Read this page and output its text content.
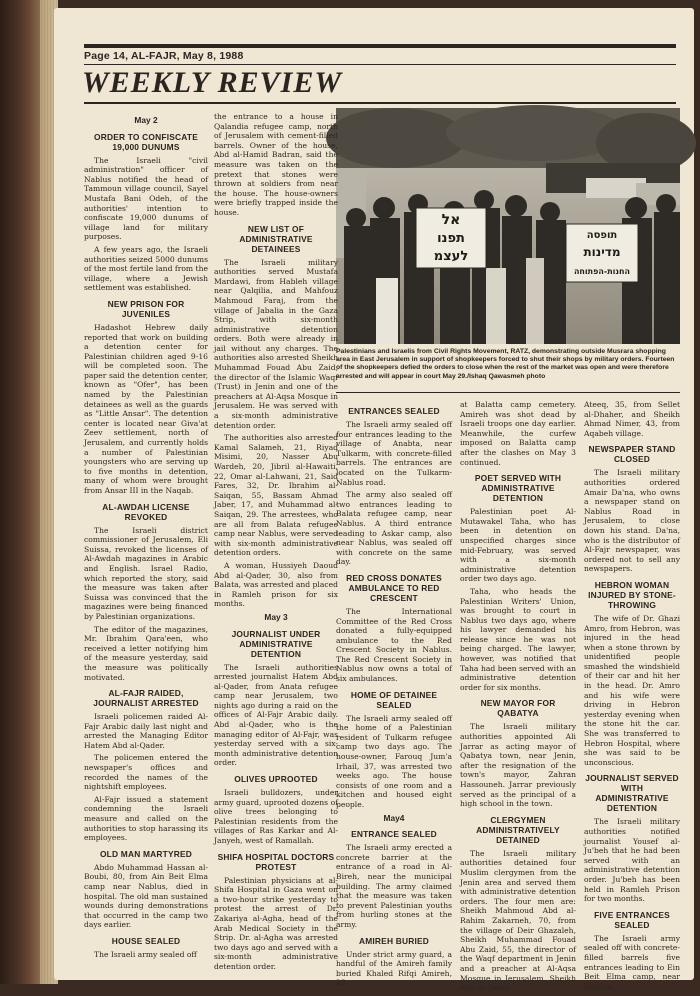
Page 14, AL-FAJR, May 8, 1988
WEEKLY REVIEW
אל
תפנו
לעצמ
תופסה
מדינות
החנות-הפתוחה
Palestinians and Israelis from Civil Rights Movement, RATZ, demonstrating outside Musrara shopping area in East Jerusalem in support of shopkeepers forced to shut their shops by military orders. Fourteen of the shopkeepers defied the orders to close when the rest of the market was open and were therefore arrested and will appear in court May 29./Ishaq Qawasmeh photo
May 2
ORDER TO CONFISCATE 19,000 DUNUMS

The Israeli "civil administration" officer of Nablus notified the head of Tammoun village council, Sayel Mustafa Bani Odeh, of the authorities' intention to confiscate 19,000 dunums of village land for military purposes.

A few years ago, the Israeli authorities seized 5000 dunums of the most fertile land from the village, where a Jewish settlement was established.

NEW PRISON FOR JUVENILES

Hadashot Hebrew daily reported that work on building a detention center for Palestinian children aged 9-16 will be completed soon. The paper said the detention center, known as "Ofer", has been named by the Palestinian detainees as well as the guards as "Little Ansar". The detention center is located near Giva'at Zeev settlement, north of Jerusalem, and currently holds a number of Palestinian youngsters who are serving up to five months in detention, many of whom were brought from Ansar III in the Naqab.

AL-AWDAH LICENSE REVOKED

The Israeli district commissioner of Jerusalem, Eli Suissa, revoked the licenses of Al-Awdah magazines in Arabic and English. Israel Radio, which reported the story, said the measure was taken after Suissa was convinced that the magazines were being financed by Palestinian organizations.

The editor of the magazines, Mr. Ibrahim Qara'een, who received a letter notifying him of the measure yesterday, said the measure was politically motivated.

AL-FAJR RAIDED, JOURNALIST ARRESTED

Israeli policemen raided Al-Fajr Arabic daily last night and arrested the Managing Editor Hatem Abd al-Qader.

The policemen entered the newspaper's offices and recorded the names of the nightshift employees.

Al-Fajr issued a statement condemning the Israeli measure and called on the authorities to stop harassing its employees.

OLD MAN MARTYRED

Abdo Muhammad Hassan al-Boubi, 80, from Ain Beit Elma camp near Nablus, died in hospital. The old man sustained wounds during demonstrations that occurred in the camp two days earlier.

HOUSE SEALED

The Israeli army sealed off

the entrance to a house in Qalandia refugee camp, north of Jerusalem with cement-filled barrels. Owner of the house, Abd al-Hamid Badran, said the measure was taken on the pretext that stones were thrown at soldiers from near the house. The house-owners were briefly trapped inside the house.

NEW LIST OF ADMINISTRATIVE DETAINEES

The Israeli military authorities served Mustafa Mardawi, from Hableh village near Qalqilia, and Mahfouz Mahmoud Faraj, from the village of Jabalia in the Gaza Strip, with six-month administrative detention orders. Both were already in jail without any charges. The authorities also arrested Sheikh Muhammad Fouad Abu Zaid, the director of the Islamic Waqf (Trust) in Jenin and one of the preachers at Al-Aqsa Mosque in Jerusalem. He was served with a six-month administrative detention order.

The authorities also arrested Kamal Salameh, 21, Riyad Misimi, 20, Nasser Abu Wardeh, 20, Jibril al-Hawaiti, 22, Omar al-Lahwani, 21, Said Fares, 32, Dr. Ibrahim al-Saiqan, 55, Bassam Ahmad Jaber, 17, and Muhammad al-Saiqan, 29. The arrestees, who are all from Balata refugee camp near Nablus, were served with six-month administrative detention orders.

A woman, Hussiyeh Daoud Abd al-Qader, 30, also from Balata, was arrested and placed in Ramleh prison for six months.

May 3
JOURNALIST UNDER ADMINISTRATIVE DETENTION

The Israeli authorities arrested journalist Hatem Abd al-Qader, from Anata refugee camp near Jerusalem, two nights ago during a raid on the offices of Al-Fajr Arabic daily. Abd al-Qader, who is the managing editor of Al-Fajr, was yesterday served with a six-month administrative detention order.

OLIVES UPROOTED

Israeli bulldozers, under army guard, uprooted dozens of olive trees belonging to Palestinian residents from the villages of Ras Karkar and Al-Janyeh, west of Ramallah.

SHIFA HOSPITAL DOCTORS PROTEST

Palestinian physicians at al-Shifa Hospital in Gaza went on a two-hour strike yesterday to protest the arrest of Dr. Zakariya al-Agha, head of the Arab Medical Society in the Strip. Dr. al-Agha was arrested two days ago and served with a six-month administrative detention order.

ENTRANCES SEALED

The Israeli army sealed off four entrances leading to the village of Anabta, near Tulkarm, with concrete-filled barrels. The entrances are located on the Tulkarm-Nablus road.

The army also sealed off two entrances leading to Balata refugee camp, near Nablus. A third entrance leading to Askar camp, also near Nablus, was sealed off with concrete on the same day.

RED CROSS DONATES AMBULANCE TO RED CRESCENT

The International Committee of the Red Cross donated a fully-equipped ambulance to the Red Crescent Society in Nablus. The Red Crescent Society in Nablus now owns a total of six ambulances.

HOME OF DETAINEE SEALED

The Israeli army sealed off the home of a Palestinian resident of Tulkarm refugee camp two days ago. The house-owner, Farouq Jum'a Irhail, 37, was arrested two weeks ago. The house consists of one room and a kitchen and housed eight people.

May4
ENTRANCE SEALED

The Israeli army erected a concrete barrier at the entrance of a road in Al-Bireh, near the municipal building. The army claimed that the measure was taken to prevent Palestinian youths from hurling stones at the army.

AMIREH BURIED

Under strict army guard, a handful of the Amireh family buried Khaled Rifqi Amireh, 23,

at Balatta camp cemetery. Amireh was shot dead by Israeli troops one day earlier. Meanwhile, the curfew imposed on Balatta camp after the clashes on May 3 continued.

POET SERVED WITH ADMINISTRATIVE DETENTION

Palestinian poet Al-Mutawakel Taha, who has been in detention on unspecified charges since mid-February, was served with a six-month administrative detention order two days ago.

Taha, who heads the Palestinian Writers' Union, was brought to court in Nablus two days ago, where his lawyer demanded his release since he was not being charged. The lawyer, however, was notified that Taha had been served with an administrative detention order for six months.

NEW MAYOR FOR QABATYA

The Israeli military authorities appointed Ali Jarrar as acting mayor of Qabatya town, near Jenin, after the resignation of the town's mayor, Zahran Hassouneh. Jarrar previously served as the principal of a high school in the town.

CLERGYMEN ADMINISTRATIVELY DETAINED

The Israeli military authorities detained four Muslim clergymen from the Jenin area and served them with administrative detention orders. The four men are: Sheikh Mahmoud Abd al-Rahim Zakarneh, 70, from the village of Deir Ghazaleh, Sheikh Muhammad Fouad Abu Zaid, 55, the director of the Waqf department in Jenin and a preacher at Al-Aqsa Mosque in Jerusalem, Sheikh Abd al-Qader

Ateeq, 35, from Sellet al-Dhaher, and Sheikh Ahmad Nimer, 43, from Aqabeh village.

NEWSPAPER STAND CLOSED

The Israeli military authorities ordered Amair Da'na, who owns a newspaper stand on Nablus Road in Jerusalem, to close down his stand. Da'na, who is the distributor of Al-Fajr newspaper, was ordered not to sell any newspapers.

HEBRON WOMAN INJURED BY STONE-THROWING

The wife of Dr. Ghazi Amro, from Hebron, was injured in the head when a stone thrown by unidentified people smashed the windshield of their car and hit her in the head. Dr. Amro and his wife were driving in Hebron yesterday evening when the stone hit the car. She was transferred to Hebron Hospital, where she was said to be unconscious.

JOURNALIST SERVED WITH ADMINISTRATIVE DETENTION

The Israeli military authorities notified journalist Yousef al-Ju'beh that he had been served with an administrative detention order. Ju'beh has been held in Ramleh Prison for two months.

FIVE ENTRANCES SEALED

The Israeli army sealed off with concrete-filled barrels five entrances leading to Ein Beit Elma camp, near Nablus.
